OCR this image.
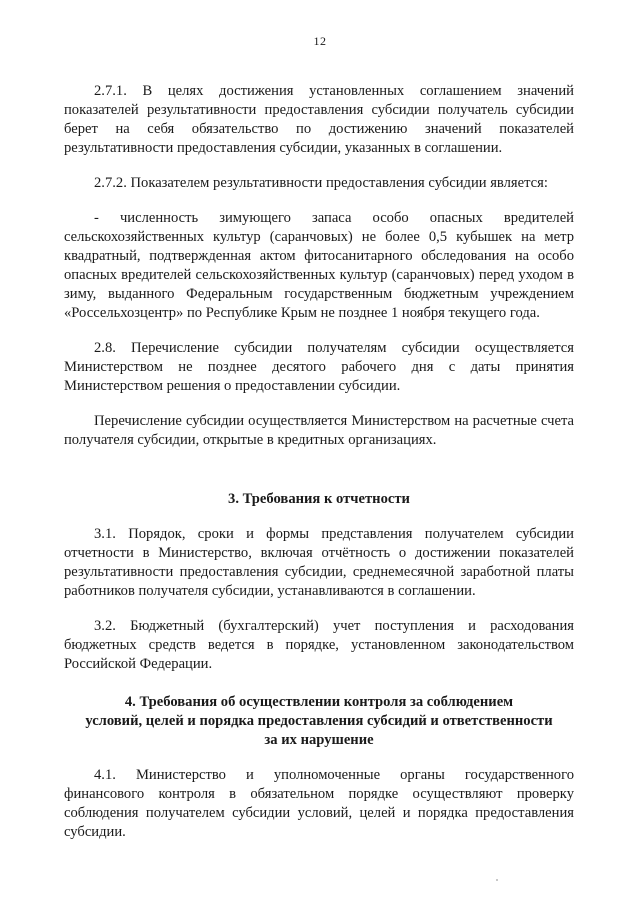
12

2.7.1. В целях достижения установленных соглашением значений показателей результативности предоставления субсидии получатель субсидии берет на себя обязательство по достижению значений показателей результативности предоставления субсидии, указанных в соглашении.

2.7.2. Показателем результативности предоставления субсидии является:

- численность зимующего запаса особо опасных вредителей сельскохозяйственных культур (саранчовых) не более 0,5 кубышек на метр квадратный, подтвержденная актом фитосанитарного обследования на особо опасных вредителей сельскохозяйственных культур (саранчовых) перед уходом в зиму, выданного Федеральным государственным бюджетным учреждением «Россельхозцентр» по Республике Крым не позднее 1 ноября текущего года.

2.8. Перечисление субсидии получателям субсидии осуществляется Министерством не позднее десятого рабочего дня с даты принятия Министерством решения о предоставлении субсидии.

Перечисление субсидии осуществляется Министерством на расчетные счета получателя субсидии, открытые в кредитных организациях.

3. Требования к отчетности

3.1. Порядок, сроки и формы представления получателем субсидии отчетности в Министерство, включая отчётность о достижении показателей результативности предоставления субсидии, среднемесячной заработной платы работников получателя субсидии, устанавливаются в соглашении.

3.2. Бюджетный (бухгалтерский) учет поступления и расходования бюджетных средств ведется в порядке, установленном законодательством Российской Федерации.

4. Требования об осуществлении контроля за соблюдением
условий, целей и порядка предоставления субсидий и ответственности
за их нарушение

4.1. Министерство и уполномоченные органы государственного финансового контроля в обязательном порядке осуществляют проверку соблюдения получателем субсидии условий, целей и порядка предоставления субсидии.
